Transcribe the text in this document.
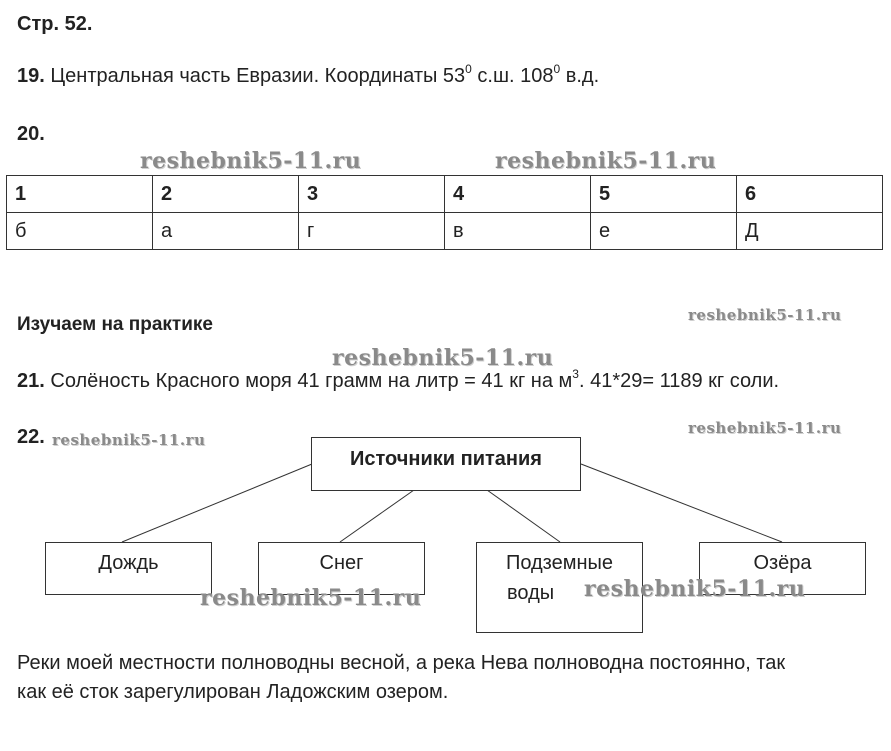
Стр. 52.
19. Центральная часть Евразии. Координаты $53^0$ с.ш. $108^0$ в.д.
20.
1	2	3	4	5	6
б	а	г	в	е	Д
Изучаем на практике
21. Солёность Красного моря 41 грамм на литр = 41 кг на $м^3$. 41*29= 1189 кг соли.
22.
Источники питания
Дождь	Снег	Подземные
воды
Озёра
Реки моей местности полноводны весной, а река Нева полноводна постоянно, так
как её сток зарегулирован Ладожским озером.
reshebnik5-11.ru	reshebnik5-11.ru
reshebnik5-11.ru
reshebnik5-11.ru
reshebnik5-11.ru
reshebnik5-11.ru
reshebnik5-11.ru
reshebnik5-11.ru
